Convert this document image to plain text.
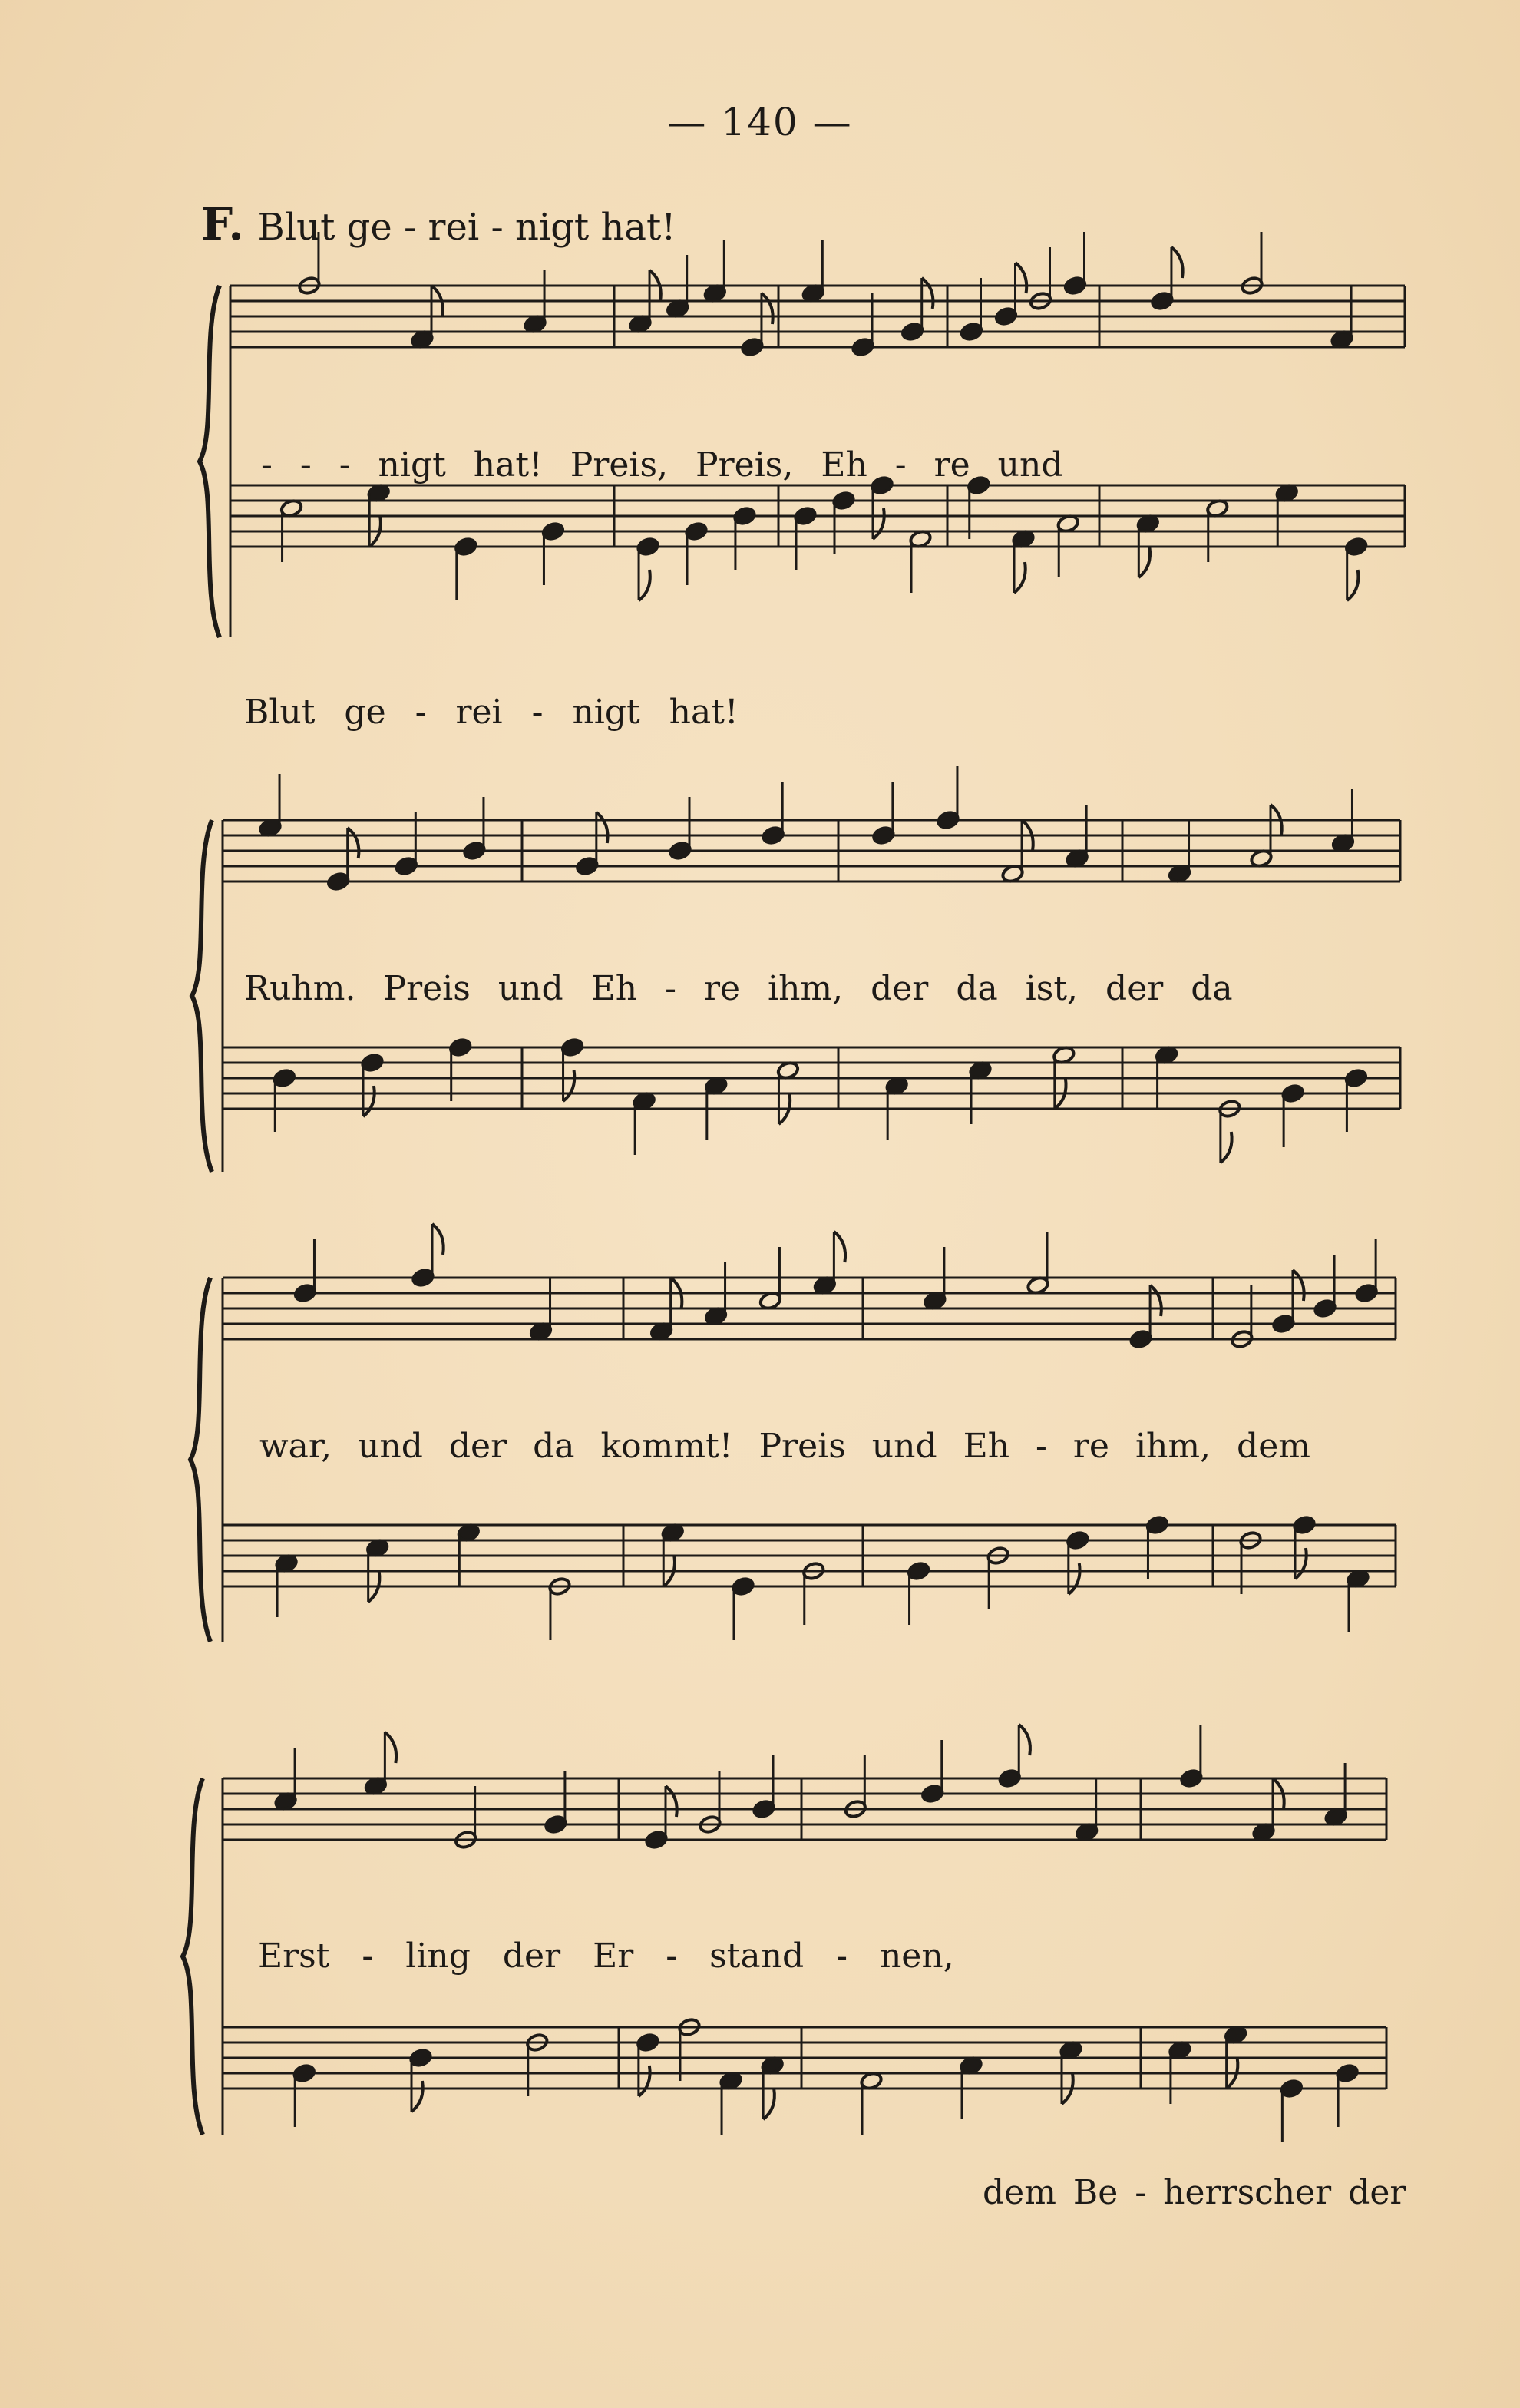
— 140 —
F. Blut ge - rei - nigt hat!
- - - nigt hat! Preis, Preis, Eh - re und
Blut ge - rei - nigt hat!
Ruhm. Preis und Eh - re ihm, der da ist, der da
war, und der da kommt! Preis und Eh - re ihm, dem
Erst - ling der Er - stand - nen,
dem Be - herrscher der
